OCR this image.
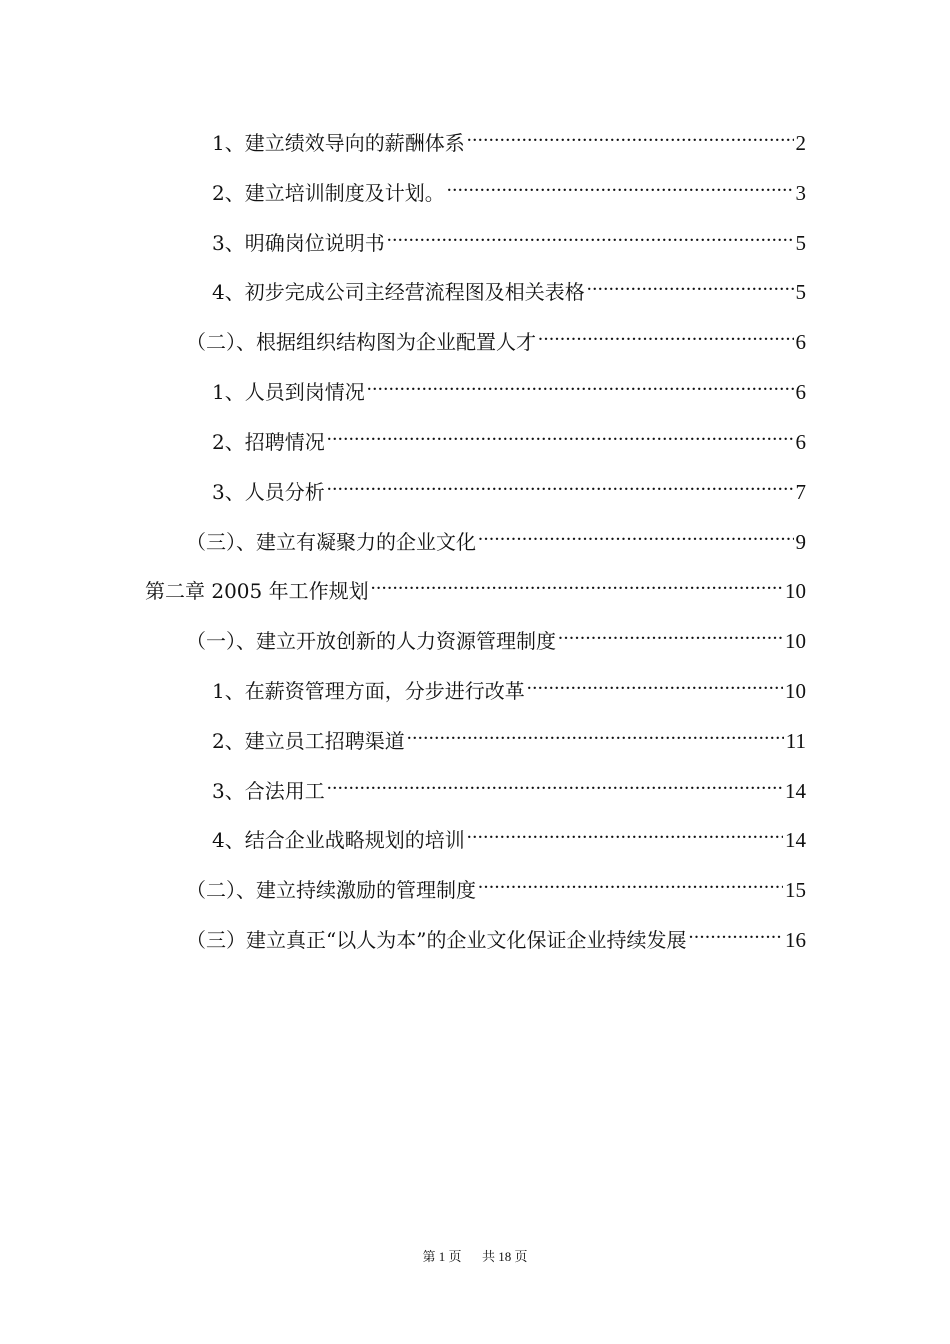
1、建立绩效导向的薪酬体系 .....	2
2、建立培训制度及计划。 .....	3
3、明确岗位说明书 .....	5
4、初步完成公司主经营流程图及相关表格 .....	5
（二）、根据组织结构图为企业配置人才 .....	6
1、人员到岗情况 .....	6
2、招聘情况 .....	6
3、人员分析 .....	7
（三）、建立有凝聚力的企业文化 .....	9
第二章 2005 年工作规划 .....	10
（一）、建立开放创新的人力资源管理制度 .....	10
1、在薪资管理方面，分步进行改革 .....	10
2、建立员工招聘渠道 .....	11
3、合法用工 .....	14
4、结合企业战略规划的培训 .....	14
（二）、建立持续激励的管理制度 .....	15
（三）建立真正“以人为本”的企业文化保证企业持续发展 .....	16
第 1 页 共 18 页
